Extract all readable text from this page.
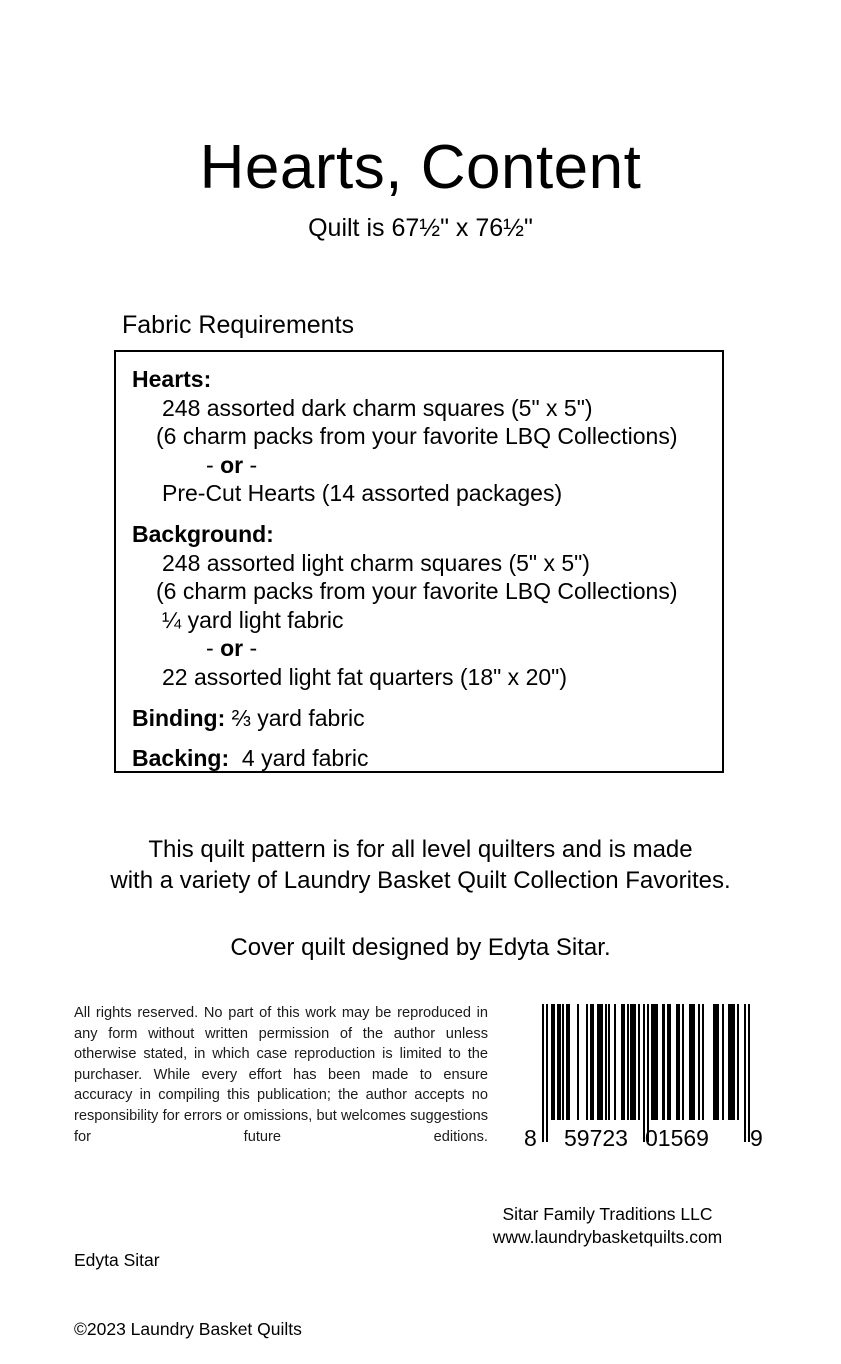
Hearts, Content
Quilt is 67½" x 76½"
Fabric Requirements
Hearts:
248 assorted dark charm squares (5" x 5")
(6 charm packs from your favorite LBQ Collections)
- or -
Pre-Cut Hearts (14 assorted packages)
Background:
248 assorted light charm squares (5" x 5")
(6 charm packs from your favorite LBQ Collections)
¼ yard light fabric
- or -
22 assorted light fat quarters (18" x 20")
Binding: ⅔ yard fabric
Backing:  4 yard fabric
This quilt pattern is for all level quilters and is made
with a variety of Laundry Basket Quilt Collection Favorites.
Cover quilt designed by Edyta Sitar.
All rights reserved. No part of this work may be reproduced in any form without written permission of the author unless otherwise stated, in which case reproduction is limited to the purchaser. While every effort has been made to ensure accuracy in compiling this publication; the author accepts no responsibility for errors or omissions, but welcomes suggestions for future editions.

8

59723

01569

9

Edyta Sitar

©2023 Laundry Basket Quilts

Sitar Family Traditions LLC
www.laundrybasketquilts.com
